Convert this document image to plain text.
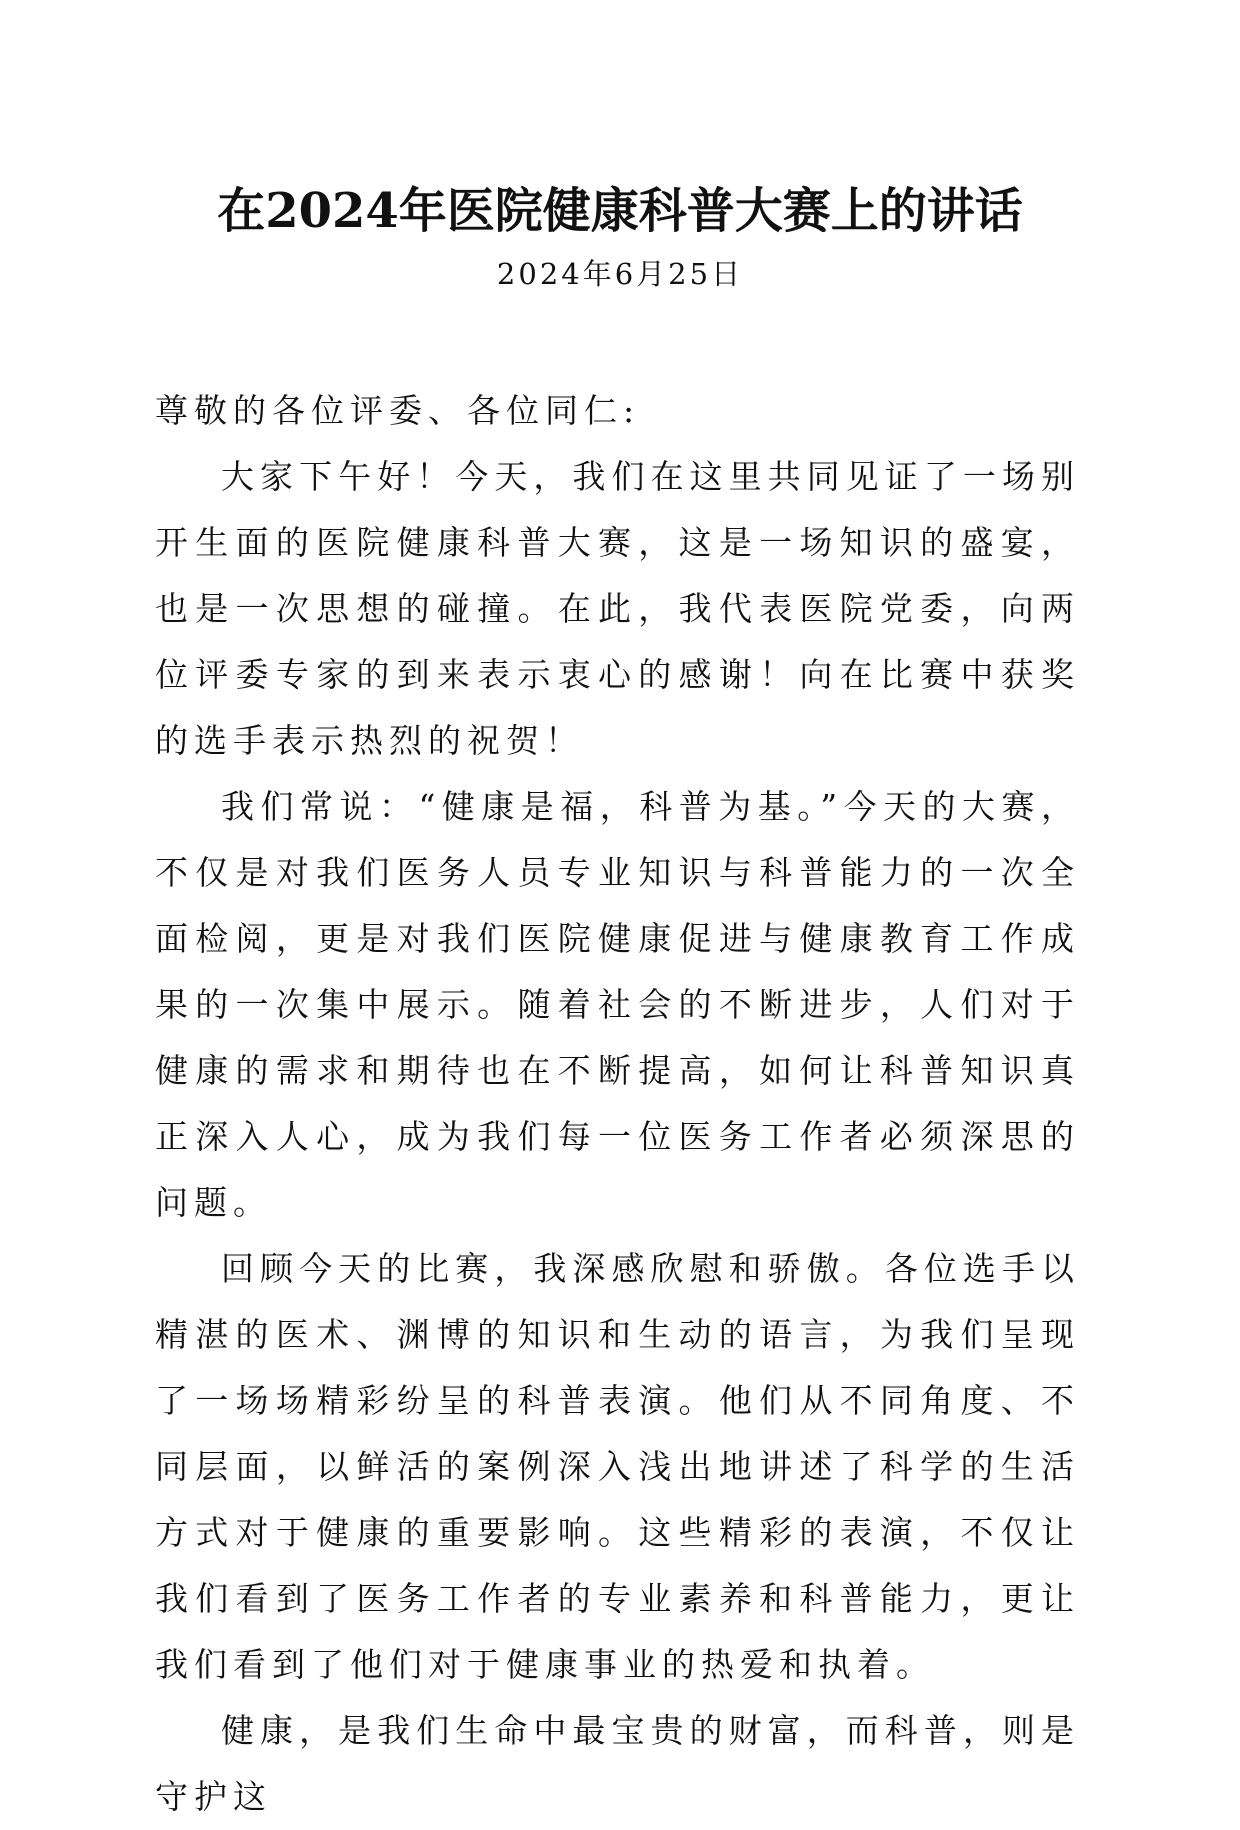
在2024年医院健康科普大赛上的讲话
2024年6月25日

尊敬的各位评委、各位同仁:

大家下午好！今天，我们在这里共同见证了一场别开生面的医院健康科普大赛，这是一场知识的盛宴，也是一次思想的碰撞。在此，我代表医院党委，向两位评委专家的到来表示衷心的感谢！向在比赛中获奖的选手表示热烈的祝贺！

我们常说：“健康是福，科普为基。”今天的大赛，不仅是对我们医务人员专业知识与科普能力的一次全面检阅，更是对我们医院健康促进与健康教育工作成果的一次集中展示。随着社会的不断进步，人们对于健康的需求和期待也在不断提高，如何让科普知识真正深入人心，成为我们每一位医务工作者必须深思的问题。

回顾今天的比赛，我深感欣慰和骄傲。各位选手以精湛的医术、渊博的知识和生动的语言，为我们呈现了一场场精彩纷呈的科普表演。他们从不同角度、不同层面，以鲜活的案例深入浅出地讲述了科学的生活方式对于健康的重要影响。这些精彩的表演，不仅让我们看到了医务工作者的专业素养和科普能力，更让我们看到了他们对于健康事业的热爱和执着。

健康，是我们生命中最宝贵的财富，而科普，则是守护这
